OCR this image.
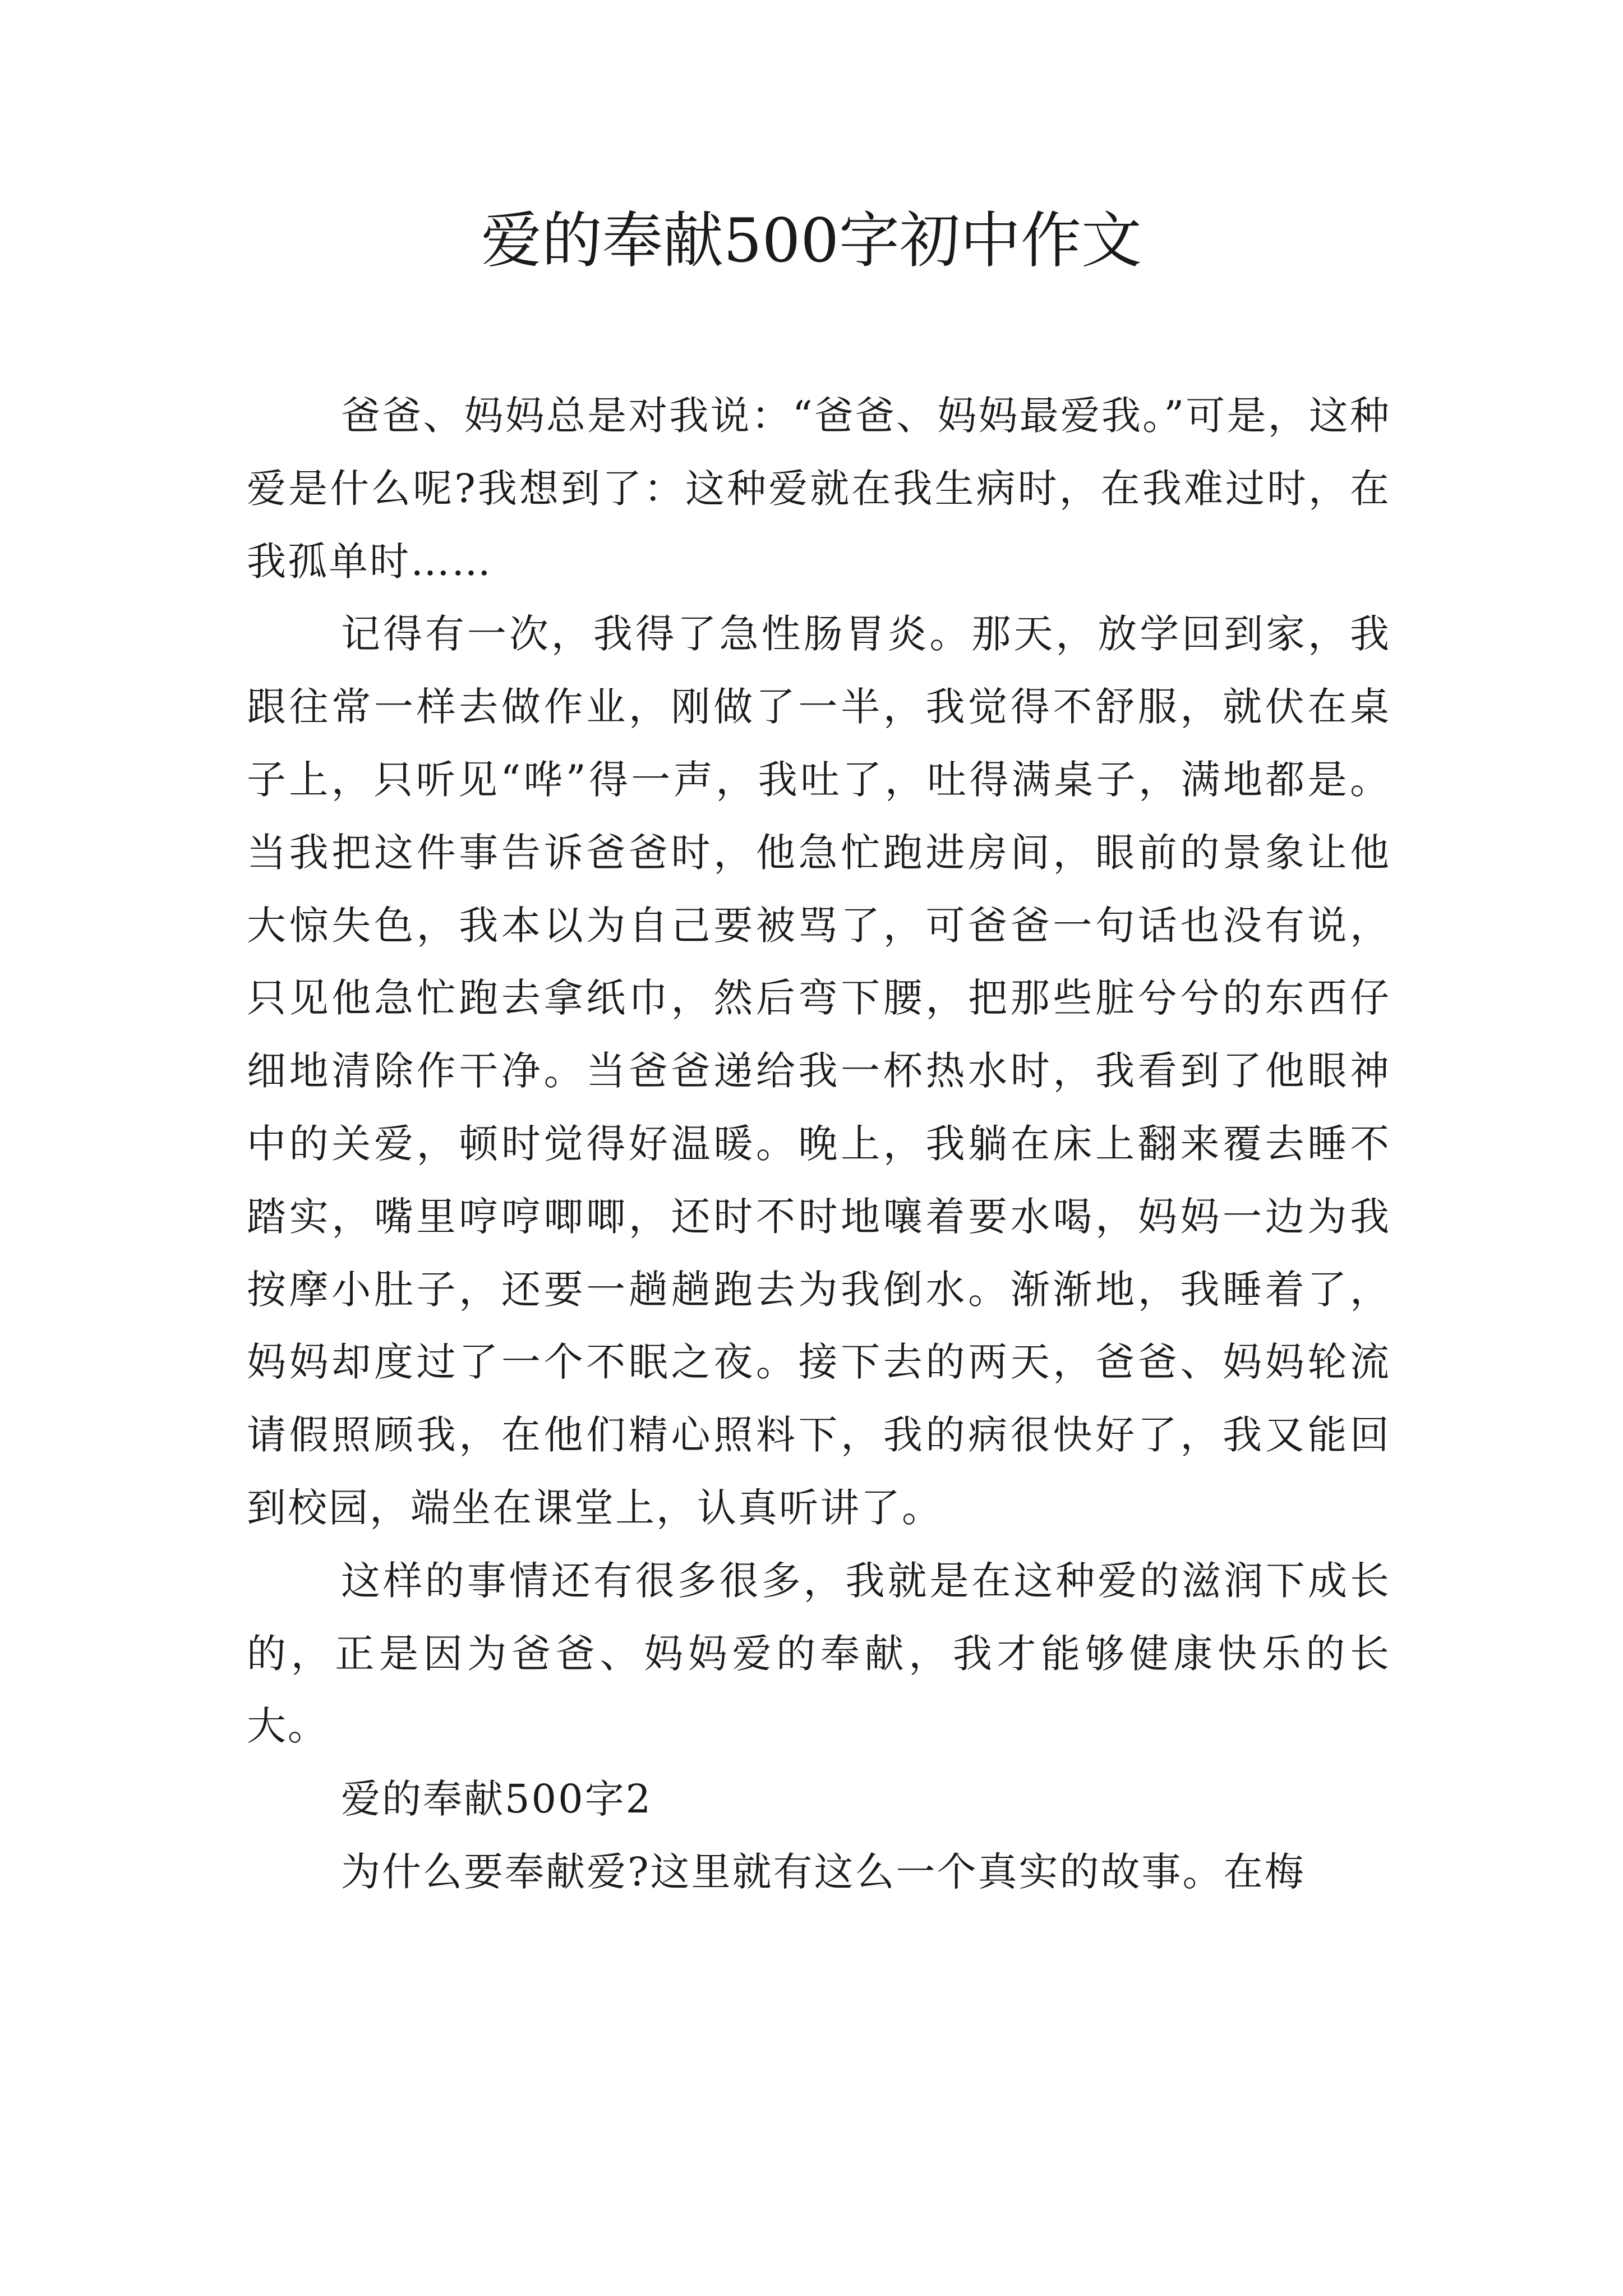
爱的奉献500字初中作文

爸爸、妈妈总是对我说：“爸爸、妈妈最爱我。”可是，这种爱是什么呢?我想到了：这种爱就在我生病时，在我难过时，在我孤单时……

记得有一次，我得了急性肠胃炎。那天，放学回到家，我跟往常一样去做作业，刚做了一半，我觉得不舒服，就伏在桌子上，只听见“哗”得一声，我吐了，吐得满桌子，满地都是。当我把这件事告诉爸爸时，他急忙跑进房间，眼前的景象让他大惊失色，我本以为自己要被骂了，可爸爸一句话也没有说，只见他急忙跑去拿纸巾，然后弯下腰，把那些脏兮兮的东西仔细地清除作干净。当爸爸递给我一杯热水时，我看到了他眼神中的关爱，顿时觉得好温暖。晚上，我躺在床上翻来覆去睡不踏实，嘴里哼哼唧唧，还时不时地嚷着要水喝，妈妈一边为我按摩小肚子，还要一趟趟跑去为我倒水。渐渐地，我睡着了，妈妈却度过了一个不眠之夜。接下去的两天，爸爸、妈妈轮流请假照顾我，在他们精心照料下，我的病很快好了，我又能回到校园，端坐在课堂上，认真听讲了。

这样的事情还有很多很多，我就是在这种爱的滋润下成长的，正是因为爸爸、妈妈爱的奉献，我才能够健康快乐的长大。

爱的奉献500字2

为什么要奉献爱?这里就有这么一个真实的故事。在梅
